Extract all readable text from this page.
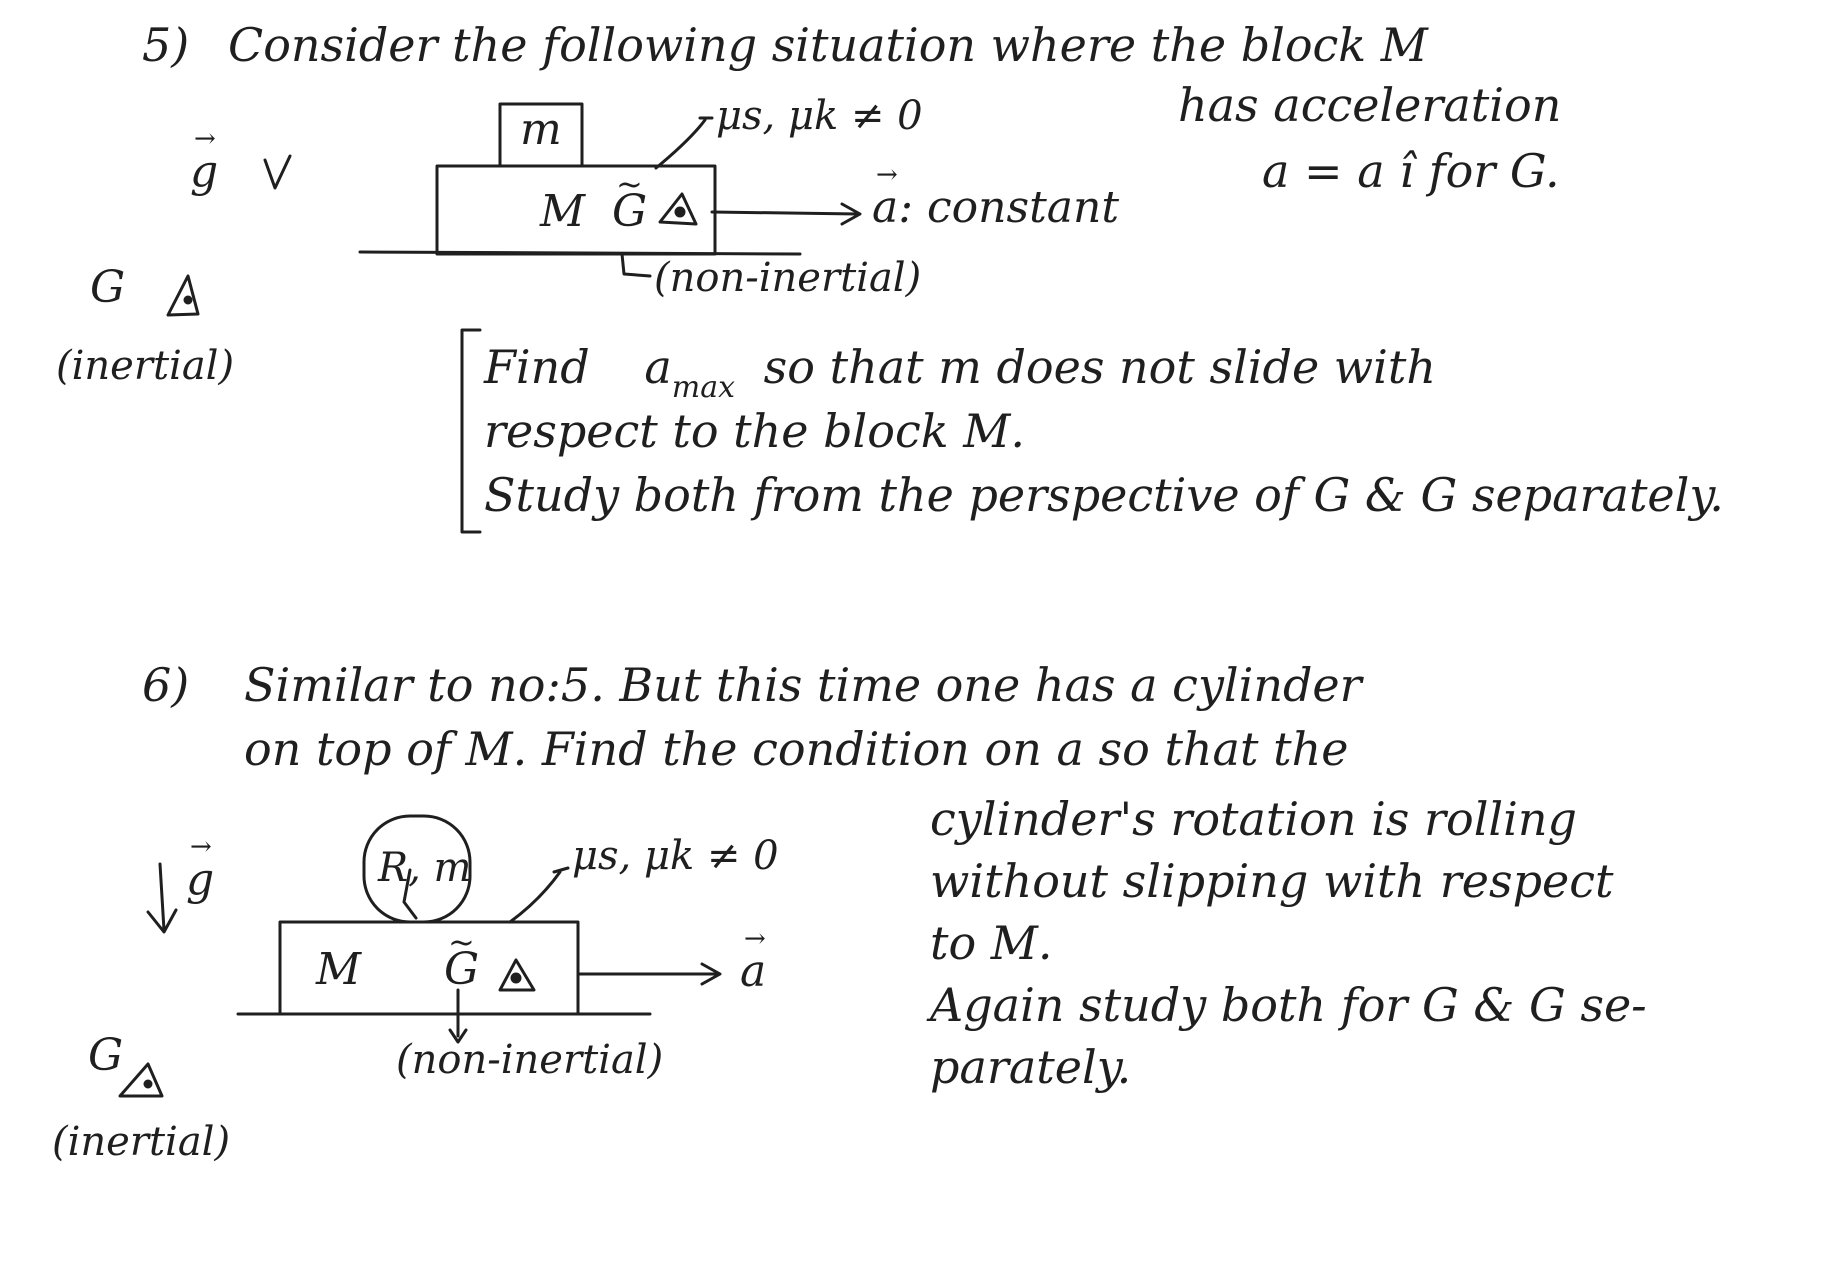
5) Consider the following situation where the block M
has acceleration
a = a î for G.
→ g
m
M ~ G
μs, μk ≠ 0
→ a: constant
(non-inertial)
G
(inertial)	Find $a_{max}$ so that m does not slide with
respect to the block M.
Study both from the perspective of G & G separately.
6) Similar to no:5. But this time one has a cylinder
on top of M. Find the condition on a so that the
cylinder's rotation is rolling
without slipping with respect
to M.
Again study both for G & G se-
parately.
→ g	R, m	μs, μk ≠ 0
M ~ G	→ a
(non-inertial)
G
(inertial)
